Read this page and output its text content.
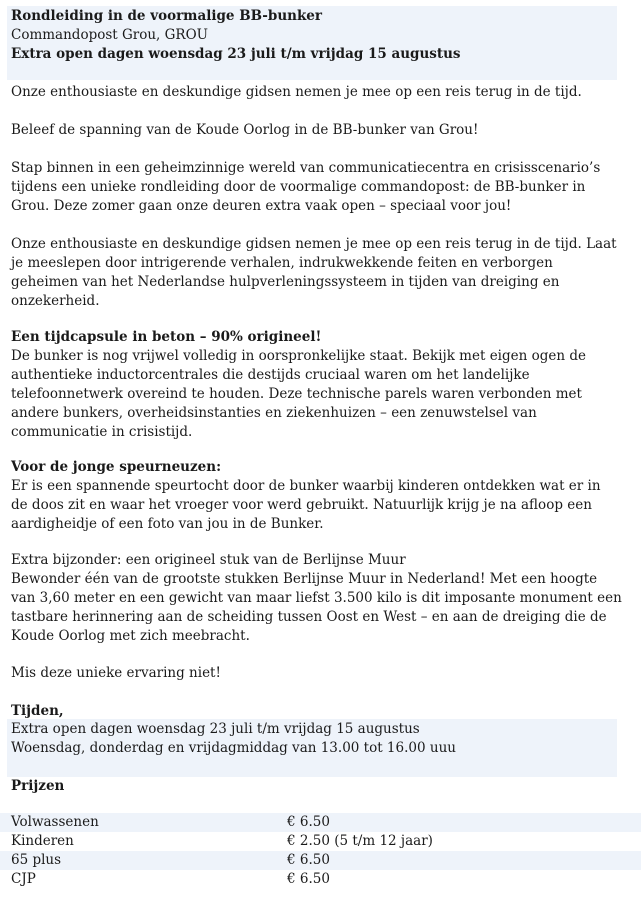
Rondleiding in de voormalige BB-bunker
Commandopost Grou, GROU
Extra open dagen woensdag 23 juli t/m vrijdag 15 augustus
Onze enthousiaste en deskundige gidsen nemen je mee op een reis terug in de tijd.
Beleef de spanning van de Koude Oorlog in de BB-bunker van Grou!
Stap binnen in een geheimzinnige wereld van communicatiecentra en crisisscenario’s
tijdens een unieke rondleiding door de voormalige commandopost: de BB-bunker in
Grou. Deze zomer gaan onze deuren extra vaak open – speciaal voor jou!
Onze enthousiaste en deskundige gidsen nemen je mee op een reis terug in de tijd. Laat
je meeslepen door intrigerende verhalen, indrukwekkende feiten en verborgen
geheimen van het Nederlandse hulpverleningssysteem in tijden van dreiging en
onzekerheid.
Een tijdcapsule in beton – 90% origineel!
De bunker is nog vrijwel volledig in oorspronkelijke staat. Bekijk met eigen ogen de
authentieke inductorcentrales die destijds cruciaal waren om het landelijke
telefoonnetwerk overeind te houden. Deze technische parels waren verbonden met
andere bunkers, overheidsinstanties en ziekenhuizen – een zenuwstelsel van
communicatie in crisistijd.
Voor de jonge speurneuzen:
Er is een spannende speurtocht door de bunker waarbij kinderen ontdekken wat er in
de doos zit en waar het vroeger voor werd gebruikt. Natuurlijk krijg je na afloop een
aardigheidje of een foto van jou in de Bunker.
Extra bijzonder: een origineel stuk van de Berlijnse Muur
Bewonder één van de grootste stukken Berlijnse Muur in Nederland! Met een hoogte
van 3,60 meter en een gewicht van maar liefst 3.500 kilo is dit imposante monument een
tastbare herinnering aan de scheiding tussen Oost en West – en aan de dreiging die de
Koude Oorlog met zich meebracht.
Mis deze unieke ervaring niet!
Tijden,
Extra open dagen woensdag 23 juli t/m vrijdag 15 augustus
Woensdag, donderdag en vrijdagmiddag van 13.00 tot 16.00 uuu
Prijzen
Volwassenen	€ 6.50
Kinderen	€ 2.50 (5 t/m 12 jaar)
65 plus	€ 6.50
CJP	€ 6.50
